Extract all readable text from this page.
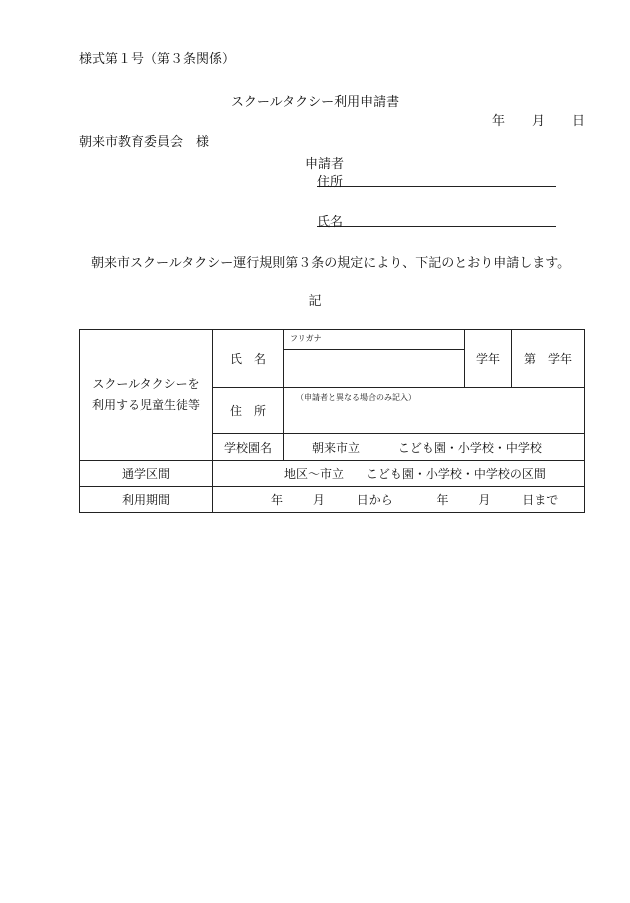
様式第１号（第３条関係）
スクールタクシー利用申請書
年 月 日
朝来市教育委員会　様
申請者
住所
氏名
朝来市スクールタクシー運行規則第３条の規定により、下記のとおり申請します。
記
スクールタクシーを
利用する児童生徒等	氏　名	フリガナ	学年	第　学年

	住　所	（申請者と異なる場合のみ記入）		

	学校園名	朝来市立 こども園・小学校・中学校		
通学区間	地区～市立 こども園・小学校・中学校の区間			
利用期間	年 月 日から 年 月 日まで			
